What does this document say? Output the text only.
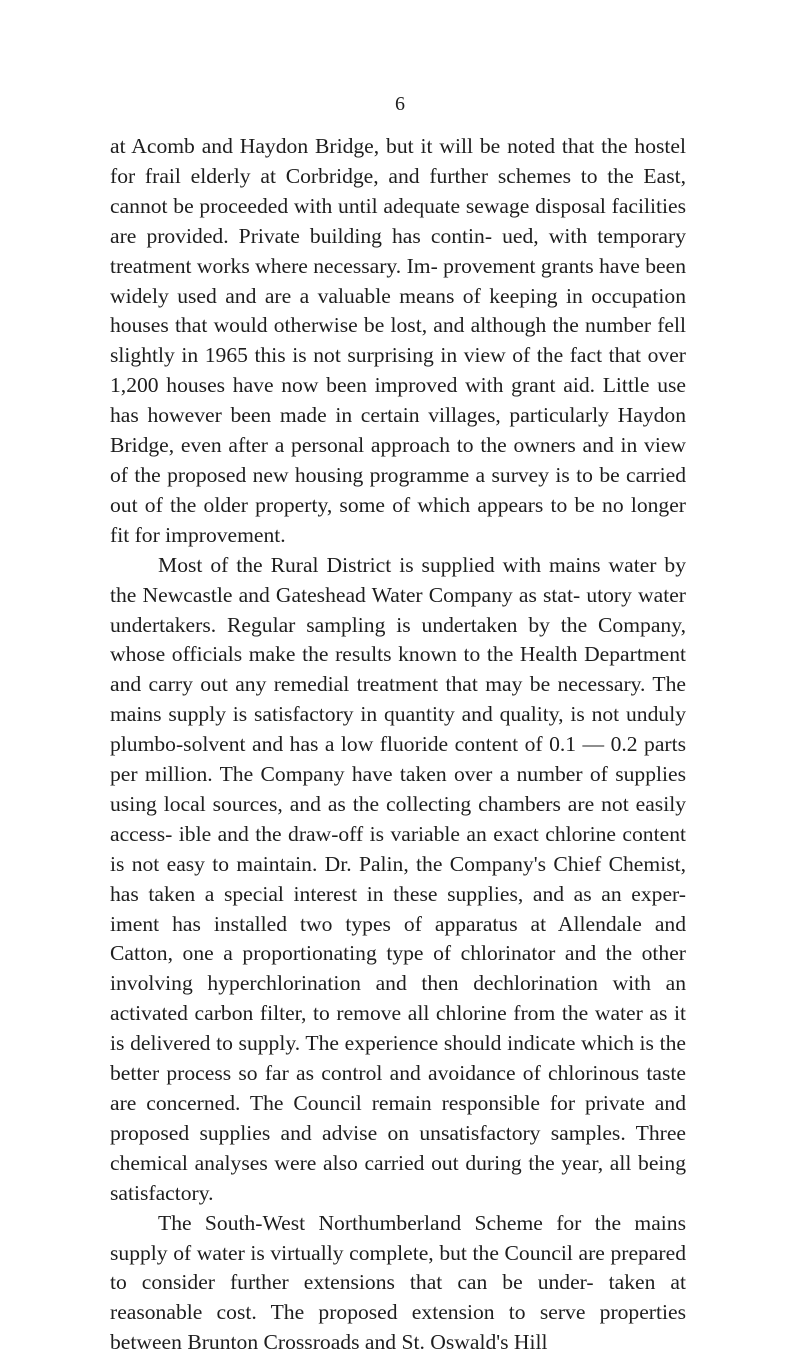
6

at Acomb and Haydon Bridge, but it will be noted that the hostel for frail elderly at Corbridge, and further schemes to the East, cannot be proceeded with until adequate sewage disposal facilities are provided. Private building has contin- ued, with temporary treatment works where necessary. Im- provement grants have been widely used and are a valuable means of keeping in occupation houses that would otherwise be lost, and although the number fell slightly in 1965 this is not surprising in view of the fact that over 1,200 houses have now been improved with grant aid. Little use has however been made in certain villages, particularly Haydon Bridge, even after a personal approach to the owners and in view of the proposed new housing programme a survey is to be carried out of the older property, some of which appears to be no longer fit for improvement.

Most of the Rural District is supplied with mains water by the Newcastle and Gateshead Water Company as stat- utory water undertakers. Regular sampling is undertaken by the Company, whose officials make the results known to the Health Department and carry out any remedial treatment that may be necessary. The mains supply is satisfactory in quantity and quality, is not unduly plumbo-solvent and has a low fluoride content of 0.1 — 0.2 parts per million. The Company have taken over a number of supplies using local sources, and as the collecting chambers are not easily access- ible and the draw-off is variable an exact chlorine content is not easy to maintain. Dr. Palin, the Company's Chief Chemist, has taken a special interest in these supplies, and as an exper- iment has installed two types of apparatus at Allendale and Catton, one a proportionating type of chlorinator and the other involving hyperchlorination and then dechlorination with an activated carbon filter, to remove all chlorine from the water as it is delivered to supply. The experience should indicate which is the better process so far as control and avoidance of chlorinous taste are concerned. The Council remain responsible for private and proposed supplies and advise on unsatisfactory samples. Three chemical analyses were also carried out during the year, all being satisfactory.

The South-West Northumberland Scheme for the mains supply of water is virtually complete, but the Council are prepared to consider further extensions that can be under- taken at reasonable cost. The proposed extension to serve properties between Brunton Crossroads and St. Oswald's Hill
